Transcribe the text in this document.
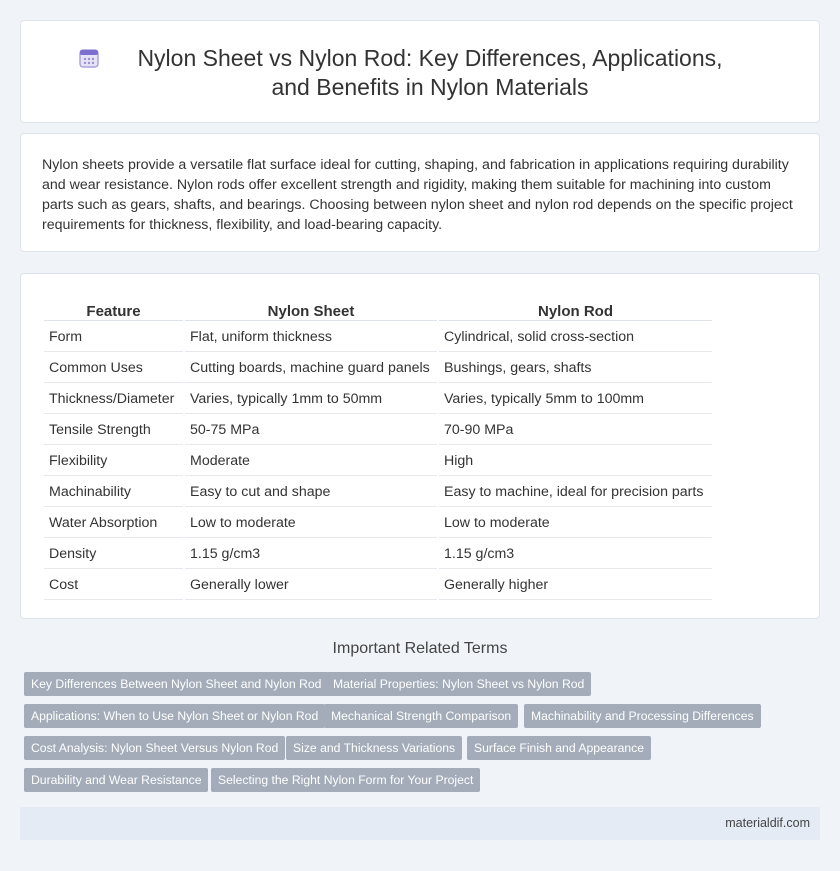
Nylon Sheet vs Nylon Rod: Key Differences, Applications, and Benefits in Nylon Materials

Nylon sheets provide a versatile flat surface ideal for cutting, shaping, and fabrication in applications requiring durability and wear resistance. Nylon rods offer excellent strength and rigidity, making them suitable for machining into custom parts such as gears, shafts, and bearings. Choosing between nylon sheet and nylon rod depends on the specific project requirements for thickness, flexibility, and load-bearing capacity.

Feature	Nylon Sheet	Nylon Rod
Form	Flat, uniform thickness	Cylindrical, solid cross-section
Common Uses	Cutting boards, machine guard panels	Bushings, gears, shafts
Thickness/Diameter	Varies, typically 1mm to 50mm	Varies, typically 5mm to 100mm
Tensile Strength	50-75 MPa	70-90 MPa
Flexibility	Moderate	High
Machinability	Easy to cut and shape	Easy to machine, ideal for precision parts
Water Absorption	Low to moderate	Low to moderate
Density	1.15 g/cm3	1.15 g/cm3
Cost	Generally lower	Generally higher
Important Related Terms
Key Differences Between Nylon Sheet and Nylon Rod Material Properties: Nylon Sheet vs Nylon Rod
Applications: When to Use Nylon Sheet or Nylon Rod	Mechanical Strength Comparison	Machinability and Processing Differences
Cost Analysis: Nylon Sheet Versus Nylon Rod	Size and Thickness Variations	Surface Finish and Appearance
Durability and Wear Resistance	Selecting the Right Nylon Form for Your Project
materialdif.com
